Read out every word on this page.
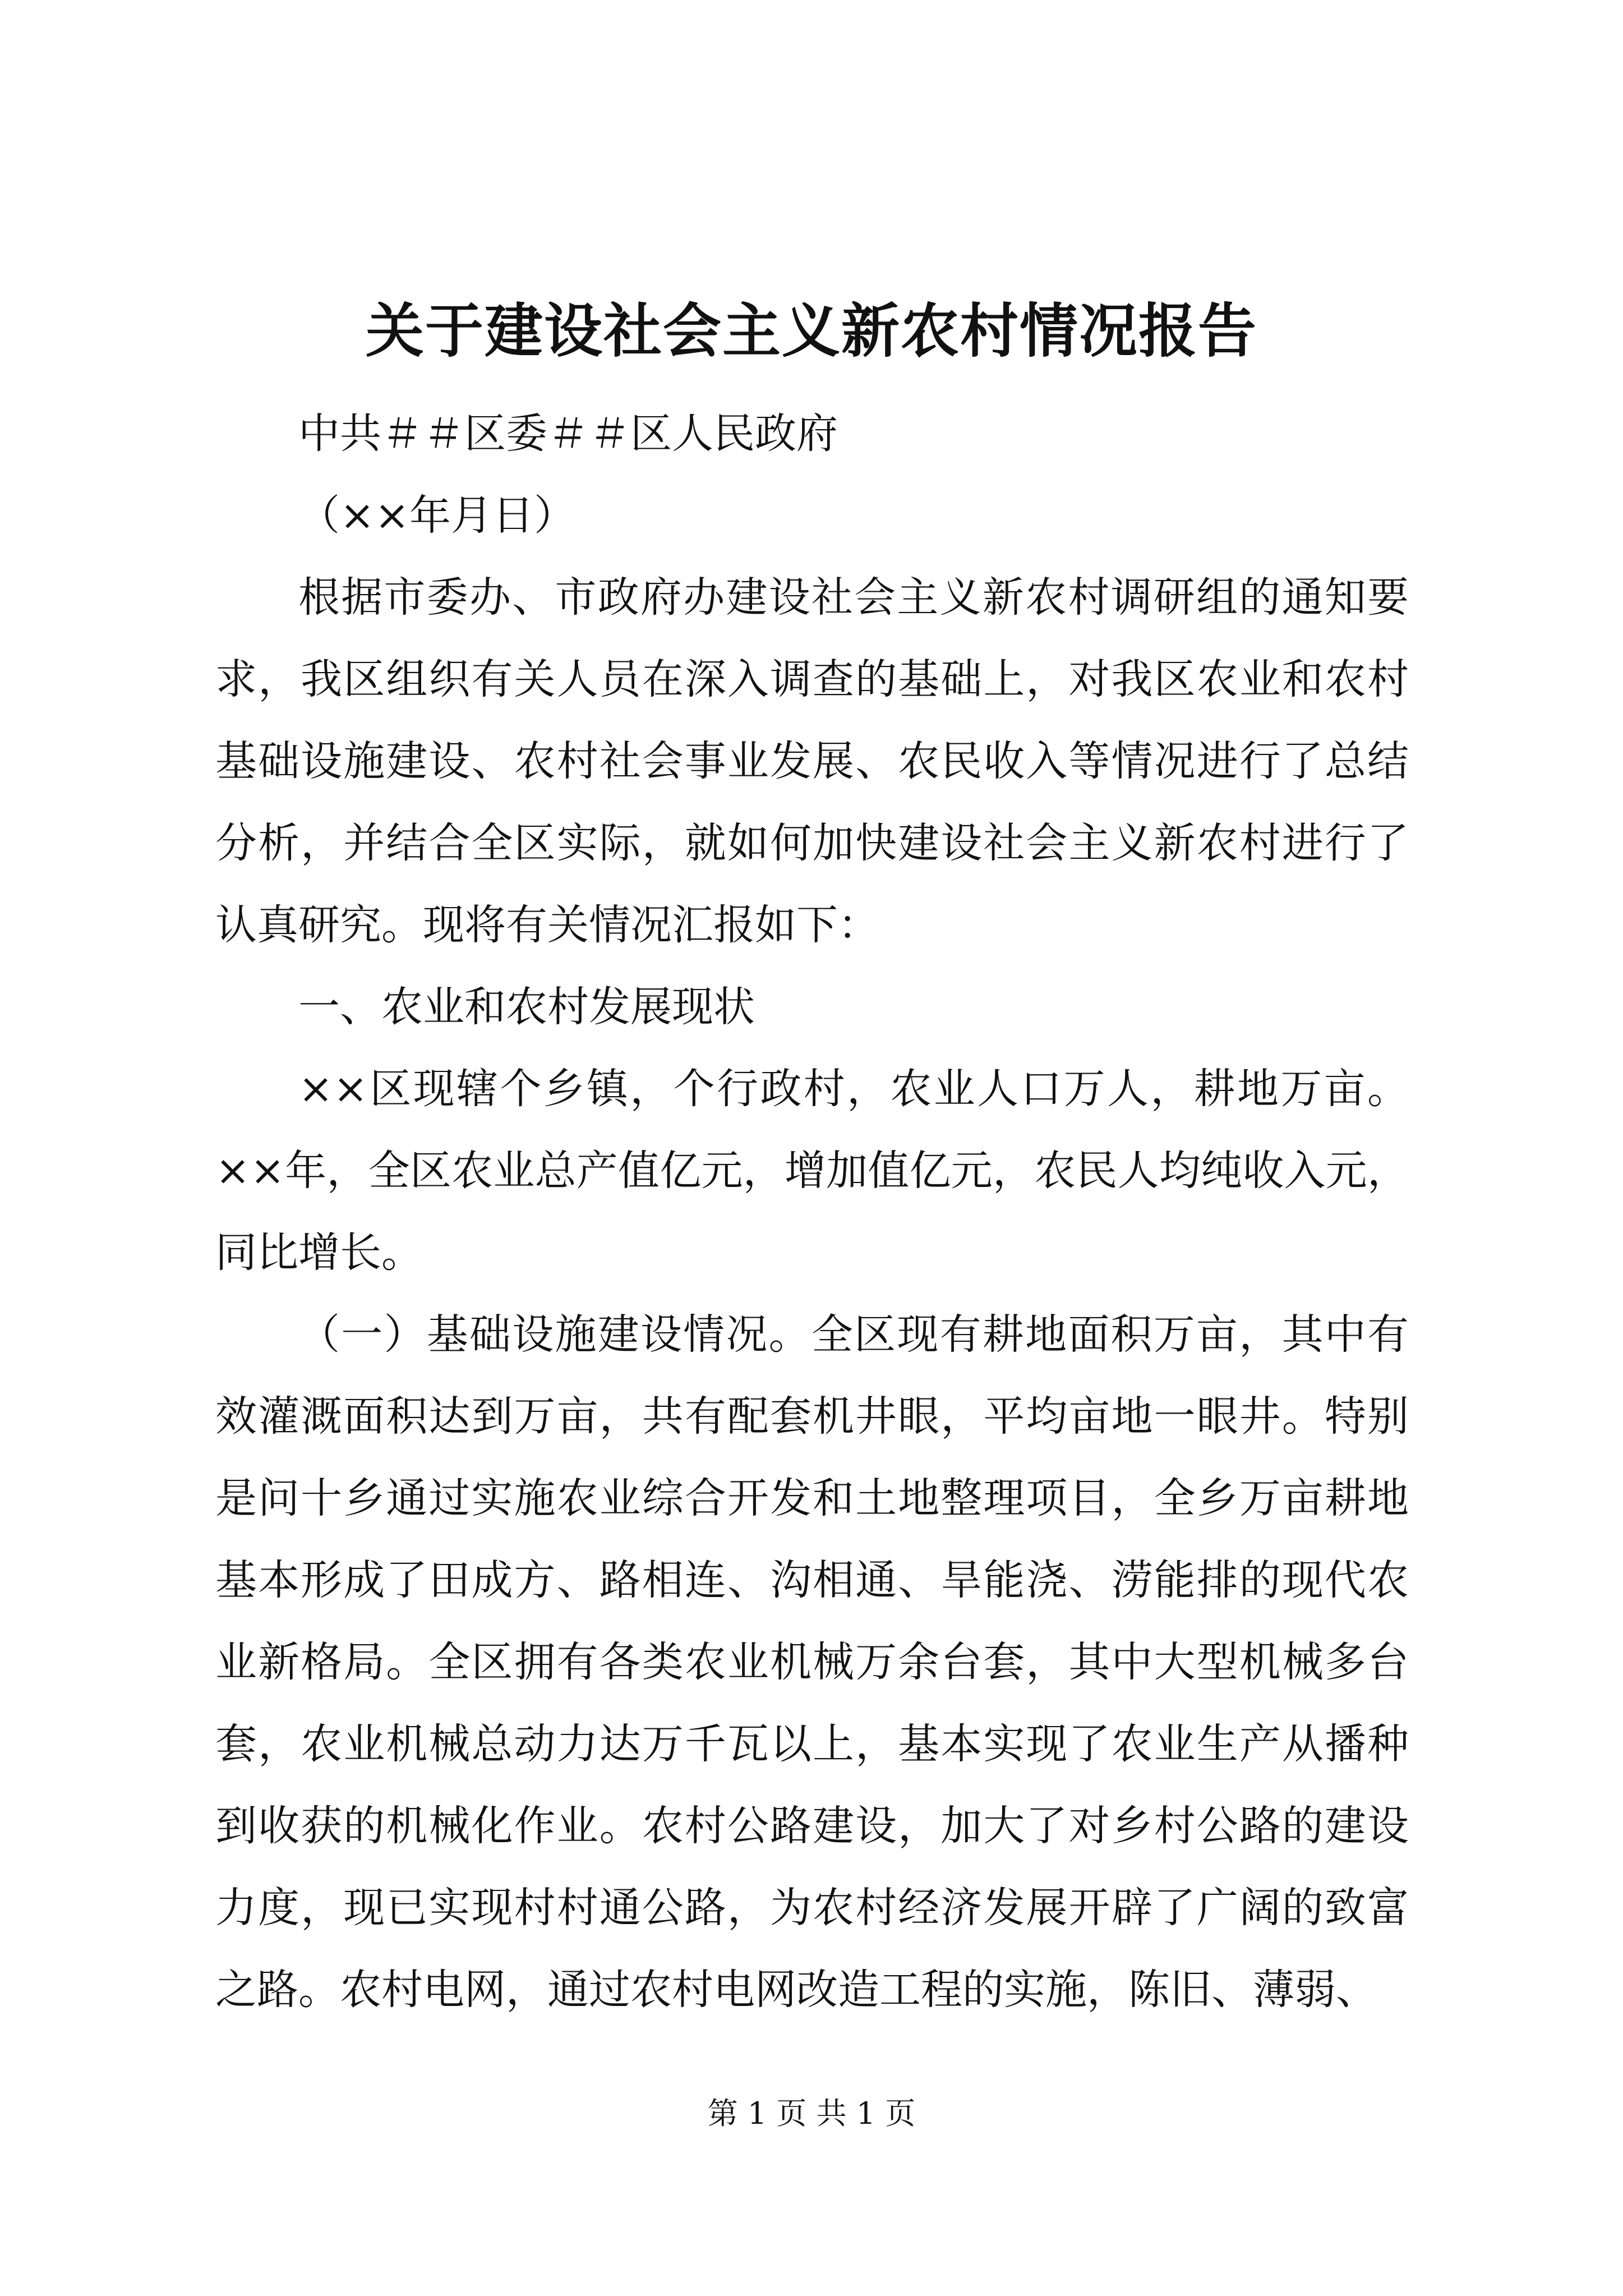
关于建设社会主义新农村情况报告

中共＃＃区委＃＃区人民政府

（××年月日）

根据市委办、市政府办建设社会主义新农村调研组的通知要求，我区组织有关人员在深入调查的基础上，对我区农业和农村基础设施建设、农村社会事业发展、农民收入等情况进行了总结分析，并结合全区实际，就如何加快建设社会主义新农村进行了认真研究。现将有关情况汇报如下：

一、农业和农村发展现状

××区现辖个乡镇，个行政村，农业人口万人，耕地万亩。××年，全区农业总产值亿元，增加值亿元，农民人均纯收入元，同比增长。

（一）基础设施建设情况。全区现有耕地面积万亩，其中有效灌溉面积达到万亩，共有配套机井眼，平均亩地一眼井。特别是问十乡通过实施农业综合开发和土地整理项目，全乡万亩耕地基本形成了田成方、路相连、沟相通、旱能浇、涝能排的现代农业新格局。全区拥有各类农业机械万余台套，其中大型机械多台套，农业机械总动力达万千瓦以上，基本实现了农业生产从播种到收获的机械化作业。农村公路建设，加大了对乡村公路的建设力度，现已实现村村通公路，为农村经济发展开辟了广阔的致富之路。农村电网，通过农村电网改造工程的实施，陈旧、薄弱、

第 1 页 共 1 页
